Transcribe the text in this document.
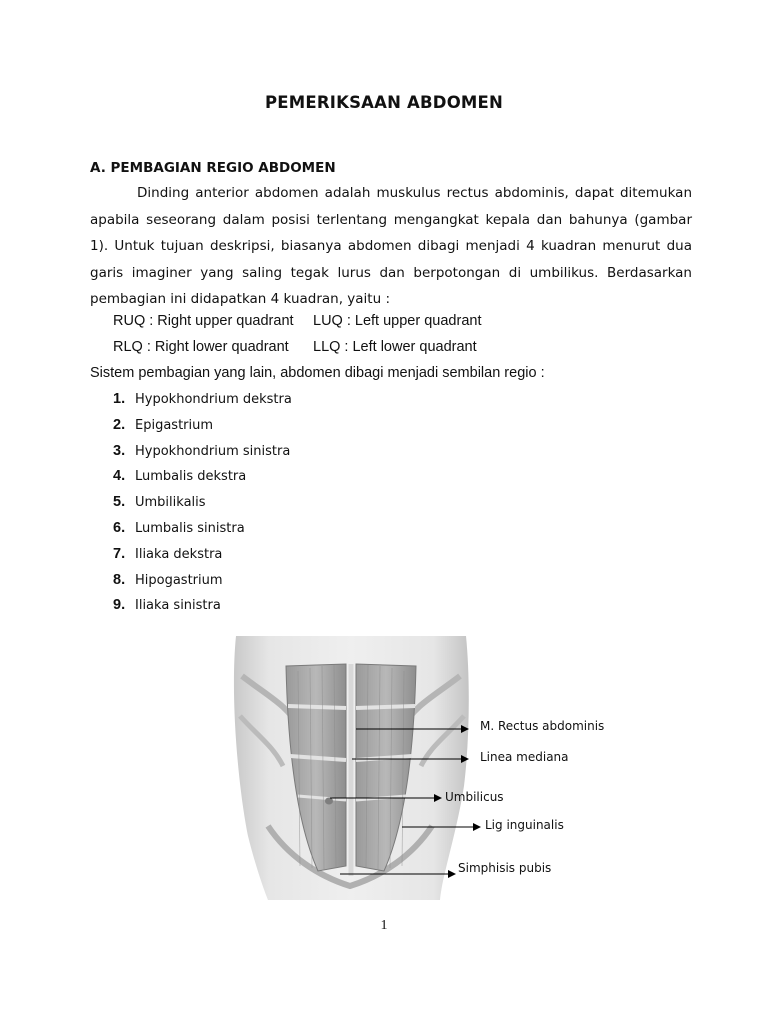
PEMERIKSAAN ABDOMEN
A. PEMBAGIAN REGIO ABDOMEN
Dinding anterior abdomen adalah muskulus rectus abdominis, dapat ditemukan apabila seseorang dalam posisi terlentang mengangkat kepala dan bahunya (gambar 1). Untuk tujuan deskripsi, biasanya abdomen dibagi menjadi 4 kuadran menurut dua garis imaginer yang saling tegak lurus dan berpotongan di umbilikus. Berdasarkan pembagian ini didapatkan 4 kuadran, yaitu :
RUQ : Right upper quadrant LUQ : Left upper quadrant
RLQ : Right lower quadrant LLQ : Left lower quadrant
Sistem pembagian yang lain, abdomen dibagi menjadi sembilan regio :
1. Hypokhondrium dekstra
2. Epigastrium
3. Hypokhondrium sinistra
4. Lumbalis dekstra
5. Umbilikalis
6. Lumbalis sinistra
7. Iliaka dekstra
8. Hipogastrium
9. Iliaka sinistra
M. Rectus abdominis
Linea mediana
Umbilicus
Lig inguinalis
Simphisis pubis
1
